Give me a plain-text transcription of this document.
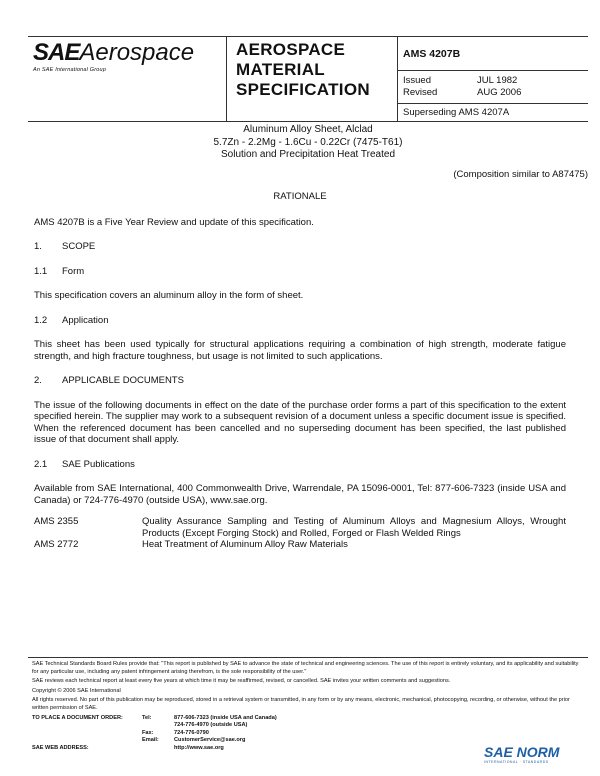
SAEAerospace
An SAE International Group
AEROSPACE
MATERIAL
SPECIFICATION
AMS 4207B
Issued	JUL 1982
Revised	AUG 2006
Superseding AMS 4207A
Aluminum Alloy Sheet, Alclad
5.7Zn - 2.2Mg - 1.6Cu - 0.22Cr (7475-T61)
Solution and Precipitation Heat Treated
(Composition similar to A87475)
RATIONALE

AMS 4207B is a Five Year Review and update of this specification.

1.	SCOPE
1.1	Form

This specification covers an aluminum alloy in the form of sheet.

1.2	Application

This sheet has been used typically for structural applications requiring a combination of high strength, moderate fatigue strength, and high fracture toughness, but usage is not limited to such applications.

2.	APPLICABLE DOCUMENTS

The issue of the following documents in effect on the date of the purchase order forms a part of this specification to the extent specified herein. The supplier may work to a subsequent revision of a document unless a specific document issue is specified. When the referenced document has been cancelled and no superseding document has been specified, the last published issue of that document shall apply.

2.1	SAE Publications

Available from SAE International, 400 Commonwealth Drive, Warrendale, PA 15096-0001, Tel: 877-606-7323 (inside USA and Canada) or 724-776-4970 (outside USA), www.sae.org.

AMS 2355	Quality Assurance Sampling and Testing of Aluminum Alloys and Magnesium Alloys, Wrought Products (Except Forging Stock) and Rolled, Forged or Flash Welded Rings
AMS 2772	Heat Treatment of Aluminum Alloy Raw Materials

SAE Technical Standards Board Rules provide that: "This report is published by SAE to advance the state of technical and engineering sciences. The use of this report is entirely voluntary, and its applicability and suitability for any particular use, including any patent infringement arising therefrom, is the sole responsibility of the user."

SAE reviews each technical report at least every five years at which time it may be reaffirmed, revised, or cancelled. SAE invites your written comments and suggestions.

Copyright © 2006 SAE International

All rights reserved. No part of this publication may be reproduced, stored in a retrieval system or transmitted, in any form or by any means, electronic, mechanical, photocopying, recording, or otherwise, without the prior written permission of SAE.

TO PLACE A DOCUMENT ORDER:	Tel:	877-606-7323 (inside USA and Canada)
724-776-4970 (outside USA)
Fax:	724-776-0790
Email:	CustomerService@sae.org
SAE WEB ADDRESS:	http://www.sae.org	SAE NORM
INTERNATIONAL · STANDARDS
